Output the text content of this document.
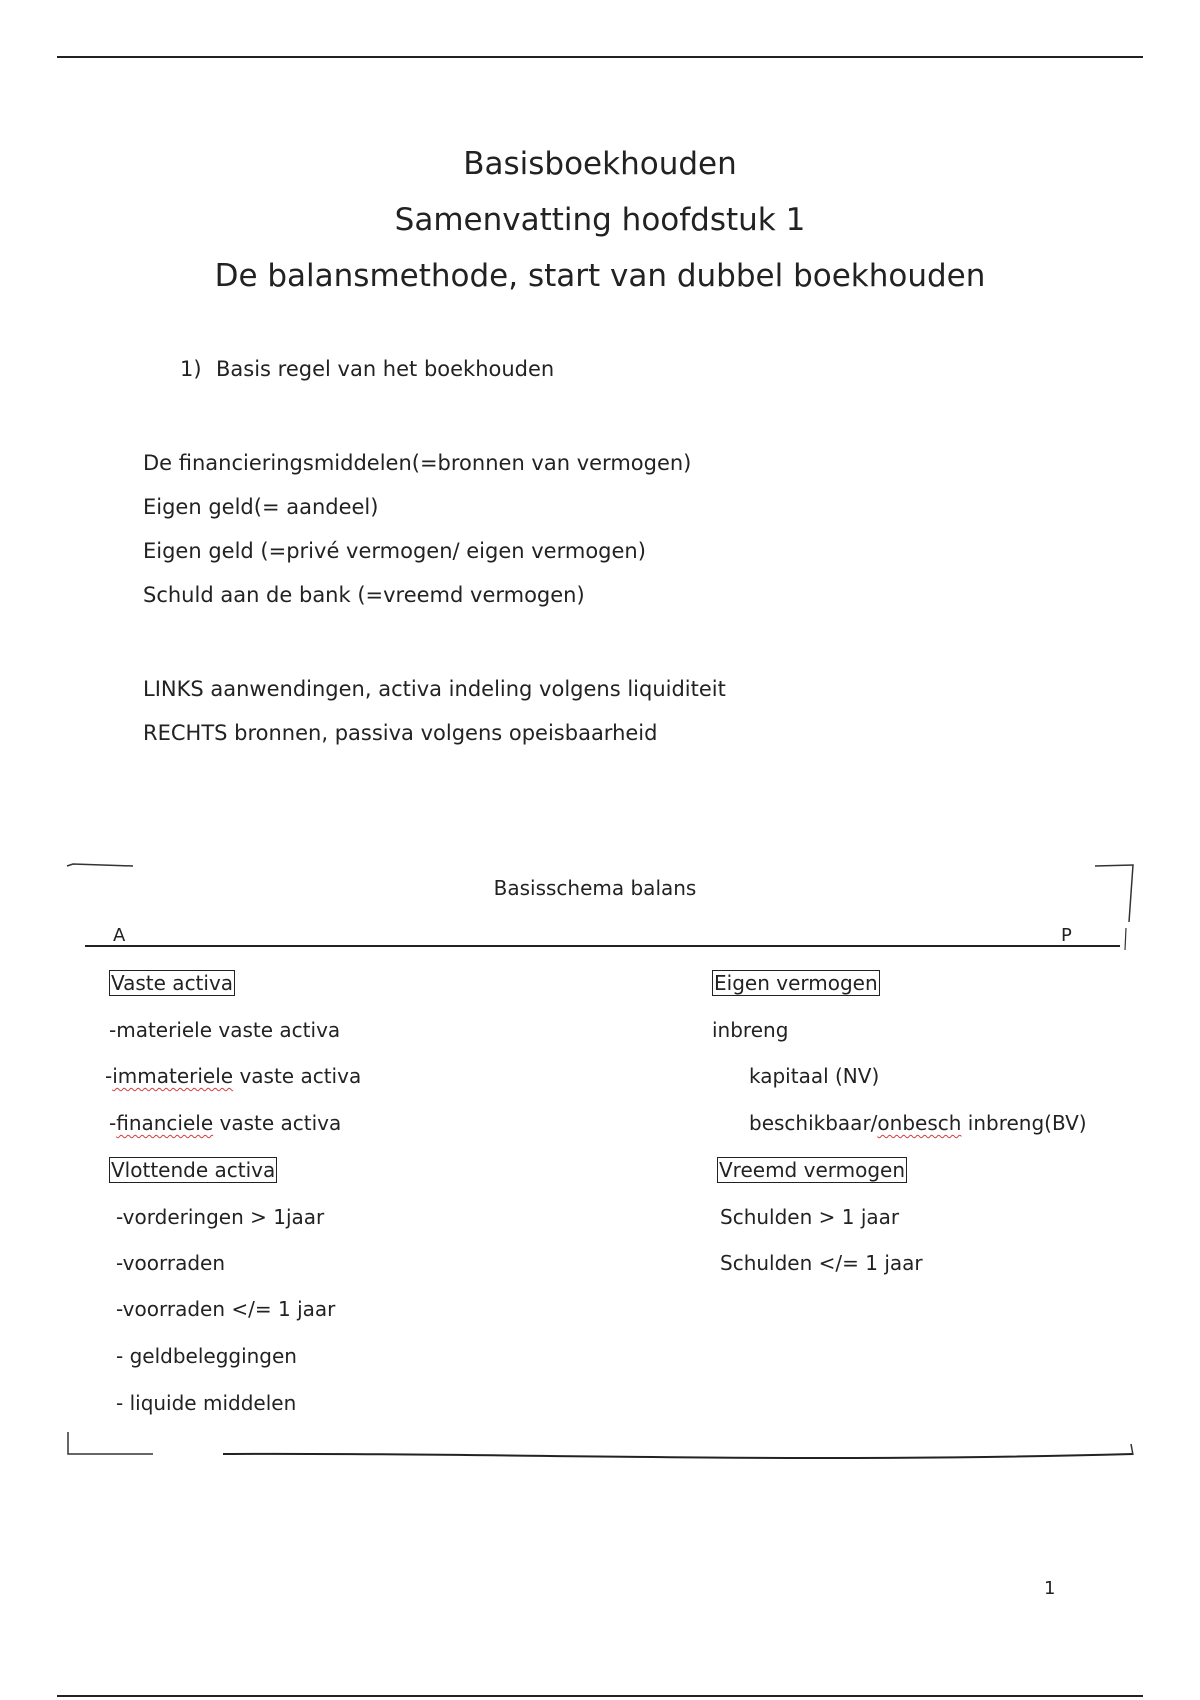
Basisboekhouden
Samenvatting hoofdstuk 1
De balansmethode, start van dubbel boekhouden
1) Basis regel van het boekhouden

De financieringsmiddelen(=bronnen van vermogen)

Eigen geld(= aandeel)

Eigen geld (=privé vermogen/ eigen vermogen)

Schuld aan de bank (=vreemd vermogen)

LINKS aanwendingen, activa indeling volgens liquiditeit

RECHTS bronnen, passiva volgens opeisbaarheid

Basisschema balans
A	P
Vaste activa
-materiele vaste activa
-immateriele vaste activa
-financiele vaste activa
Vlottende activa
-vorderingen > 1jaar
-voorraden
-voorraden </= 1 jaar
- geldbeleggingen
- liquide middelen
Eigen vermogen
inbreng
kapitaal (NV)
beschikbaar/onbesch inbreng(BV)
Vreemd vermogen
Schulden > 1 jaar
Schulden </= 1 jaar
1
